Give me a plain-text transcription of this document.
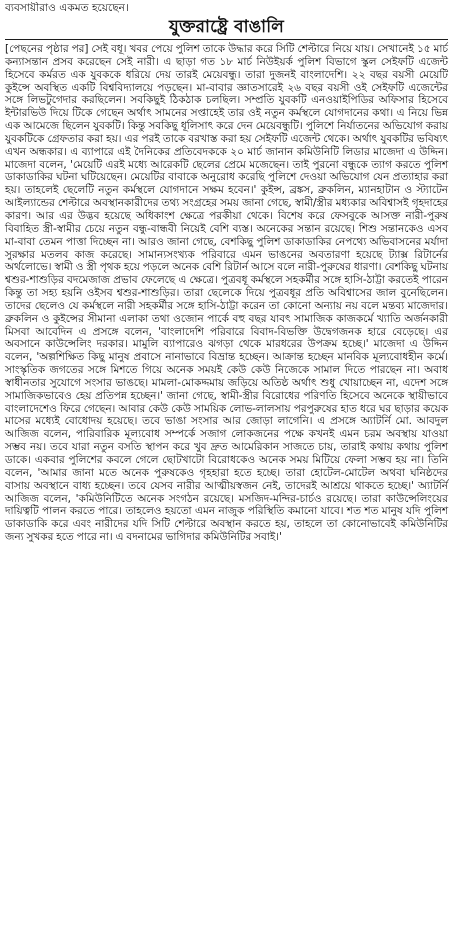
ব্যবসায়ীরাও একমত হয়েছেন।

যুক্তরাষ্ট্রে বাঙালি

[পেছনের পৃষ্ঠার পর] সেই বধূ। খবর পেয়ে পুলিশ তাকে উদ্ধার করে সিটি শেল্টারে নিয়ে যায়। সেখানেই ১৫ মার্চ কন্যাসন্তান প্রসব করেছেন সেই নারী। এ ছাড়া গত ১৮ মার্চ নিউইয়র্ক পুলিশ বিভাগে স্কুল সেইফটি এজেন্ট হিসেবে কর্মরত এক যুবককে ধরিয়ে দেয় তারই মেয়েবন্ধু। তারা দুজনই বাংলাদেশি। ২২ বছর বয়সী মেয়েটি কুইন্সে অবস্থিত একটি বিশ্ববিদ্যালয়ে পড়ছেন। মা-বাবার জ্ঞাতসারেই ২৬ বছর বয়সী ওই সেইফটি এজেন্টের সঙ্গে লিভটুগেদার করছিলেন। সবকিছুই ঠিকঠাক চলছিল। সম্প্রতি যুবকটি এনওয়াইপিডির অফিসার হিসেবে ইন্টারভিউ দিয়ে টিকে গেছেন অর্থাৎ সামনের সপ্তাহেই তার ওই নতুন কর্মস্থলে যোগদানের কথা। এ নিয়ে ভিন্ন এক আমেজে ছিলেন যুবকটি। কিন্তু সবকিছু ধূলিসাৎ করে দেন মেয়েবন্ধুটি। পুলিশে নির্যাতনের অভিযোগ করায় যুবকটিকে গ্রেফতার করা হয়। এর পরই তাকে বরখাস্ত করা হয় সেইফটি এজেন্ট থেকে। অর্থাৎ যুবকটির ভবিষ্যৎ এখন অন্ধকার। এ ব্যাপারে এই দৈনিকের প্রতিবেদককে ২০ মার্চ জানান কমিউনিটি লিডার মাজেদা এ উদ্দিন। মাজেদা বলেন, 'মেয়েটি এরই মধ্যে আরেকটি ছেলের প্রেমে মজেছেন। তাই পুরনো বন্ধুকে ত্যাগ করতে পুলিশ ডাকাডাকির ঘটনা ঘটিয়েছেন। মেয়েটির বাবাকে অনুরোধ করেছি পুলিশে দেওয়া অভিযোগ যেন প্রত্যাহার করা হয়। তাহলেই ছেলেটি নতুন কর্মস্থলে যোগদানে সক্ষম হবেন।' কুইন্স, ব্রঙ্কস, ব্রুকলিন, ম্যানহাটান ও স্ট্যাটেন আইল্যান্ডের শেল্টারে অবস্থানকারীদের তথ্য সংগ্রহের সময় জানা গেছে, স্বামী/স্ত্রীর মধ্যকার অবিশ্বাসই গৃহদাহের কারণ। আর এর উদ্ভব হয়েছে অধিকাংশ ক্ষেত্রে পরকীয়া থেকে। বিশেষ করে ফেসবুকে আসক্ত নারী-পুরুষ বিবাহিত স্ত্রী-স্বামীর চেয়ে নতুন বন্ধু-বান্ধবী নিয়েই বেশি ব্যস্ত। অনেকের সন্তান রয়েছে। শিশু সন্তানকেও এসব মা-বাবা তেমন পাত্তা দিচ্ছেন না। আরও জানা গেছে, বেশকিছু পুলিশ ডাকাডাকির নেপথ্যে অভিবাসনের মর্যাদা সুরক্ষার মতলব কাজ করেছে। সামান্যসংখ্যক পরিবারে এমন ভাঙনের অবতারণা হয়েছে ট্যাক্স রিটার্নের অর্থলোভে। স্বামী ও স্ত্রী পৃথক হয়ে পড়লে অনেক বেশি রিটার্ন আসে বলে নারী-পুরুষের ধারণা। বেশকিছু ঘটনায় শ্বশুর-শাশুড়ির বদমেজাজ প্রভাব ফেলেছে এ ক্ষেত্রে। পুত্রবধূ কর্মস্থলে সহকর্মীর সঙ্গে হাসি-ঠাট্টা করতেই পারেন কিন্তু তা সহ্য হয়নি ওইসব শ্বশুর-শাশুড়ির। তারা ছেলেকে দিয়ে পুত্রবধূর প্রতি অবিশ্বাসের জাল বুনেছিলেন। তাদের ছেলেও যে কর্মস্থলে নারী সহকর্মীর সঙ্গে হাসি-ঠাট্টা করেন তা কোনো অন্যায় নয় বলে মন্তব্য মাজেদার। ব্রুকলিন ও কুইন্সের সীমানা এলাকা তথা ওজোন পার্কে বহু বছর যাবৎ সামাজিক কাজকর্মে খ্যাতি অর্জনকারী মিসবা আবেদিন এ প্রসঙ্গে বলেন, 'বাংলাদেশি পরিবারে বিবাদ-বিভক্তি উদ্বেগজনক হারে বেড়েছে। এর অবসানে কাউন্সেলিং দরকার। মামুলি ব্যাপারেও ঝগড়া থেকে মারধরের উপক্রম হচ্ছে।' মাজেদা এ উদ্দিন বলেন, 'অল্পশিক্ষিত কিছু মানুষ প্রবাসে নানাভাবে বিভ্রান্ত হচ্ছেন। আক্রান্ত হচ্ছেন মানবিক মূল্যবোধহীন কর্মে। সাংস্কৃতিক জগতের সঙ্গে মিশতে গিয়ে অনেক সময়ই কেউ কেউ নিজেকে সামাল দিতে পারছেন না। অবাধ স্বাধীনতার সুযোগে সংসার ভাঙছে। মামলা-মোকদ্দমায় জড়িয়ে অতিষ্ঠ অর্থাৎ শুধু খোয়াচ্ছেন না, এদেশ সঙ্গে সামাজিকভাবেও হেয় প্রতিপন্ন হচ্ছেন।' জানা গেছে, স্বামী-স্ত্রীর বিরোধের পরিণতি হিসেবে অনেকে স্থায়ীভাবে বাংলাদেশেও ফিরে গেছেন। আবার কেউ কেউ সাময়িক লোভ-লালসায় পরপুরুষের হাত ধরে ঘর ছাড়ার কয়েক মাসের মধ্যেই বোধোদয় হয়েছে। তবে ভাঙা সংসার আর জোড়া লাগেনি। এ প্রসঙ্গে অ্যাটর্নি মো. আবদুল আজিজ বলেন, পারিবারিক মূল্যবোধ সম্পর্কে সজাগ লোকজনের পক্ষে কখনই এমন চরম অবস্থায় যাওয়া সম্ভব নয়। তবে যারা নতুন বসতি স্থাপন করে খুব দ্রুত আমেরিকান সাজতে চায়, তারাই কথায় কথায় পুলিশ ডাকে। একবার পুলিশের কবলে গেলে ছোটখাটো বিরোধকেও অনেক সময় মিটিয়ে ফেলা সম্ভব হয় না। তিনি বলেন, 'আমার জানা মতে অনেক পুরুষকেও গৃহহারা হতে হচ্ছে। তারা হোটেল-মোটেল অথবা ঘনিষ্ঠদের বাসায় অবস্থানে বাধ্য হচ্ছেন। তবে যেসব নারীর আত্মীয়স্বজন নেই, তাদেরই আশ্রয়ে থাকতে হচ্ছে।' অ্যাটর্নি আজিজ বলেন, 'কমিউনিটিতে অনেক সংগঠন রয়েছে। মসজিদ-মন্দির-চার্চও রয়েছে। তারা কাউন্সেলিংয়ের দায়িত্বটি পালন করতে পারে। তাহলেও হয়তো এমন নাজুক পরিস্থিতি কমানো যাবে। শত শত মানুষ যদি পুলিশ ডাকাডাকি করে এবং নারীদের যদি সিটি শেল্টারে অবস্থান করতে হয়, তাহলে তা কোনোভাবেই কমিউনিটির জন্য সুখকর হতে পারে না। এ বদনামের ভাগিদার কমিউনিটির সবাই।'
